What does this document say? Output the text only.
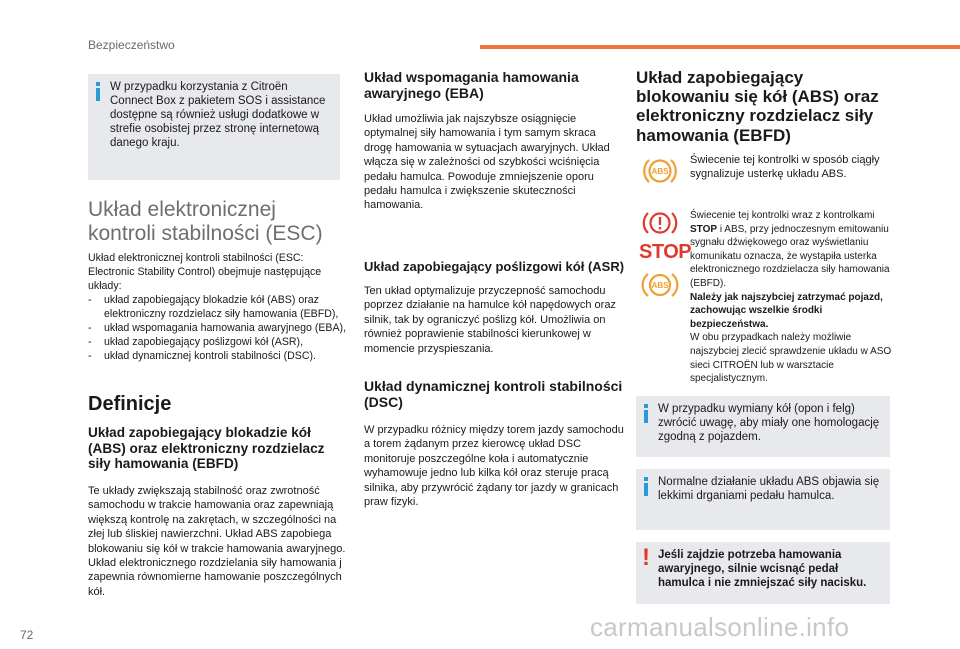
Bezpieczeństwo
W przypadku korzystania z Citroën Connect Box z pakietem SOS i assistance dostępne są również usługi dodatkowe w strefie osobistej przez stronę internetową danego kraju.
Układ elektronicznej
kontroli stabilności (ESC)
Układ elektronicznej kontroli stabilności (ESC: Electronic Stability Control) obejmuje następujące układy:
- układ zapobiegający blokadzie kół (ABS) oraz elektroniczny rozdzielacz siły hamowania (EBFD),
- układ wspomagania hamowania awaryjnego (EBA),
- układ zapobiegający poślizgowi kół (ASR),
- układ dynamicznej kontroli stabilności (DSC).
Definicje
Układ zapobiegający blokadzie kół (ABS) oraz elektroniczny rozdzielacz siły hamowania (EBFD)
Te układy zwiększają stabilność oraz zwrotność samochodu w trakcie hamowania oraz zapewniają większą kontrolę na zakrętach, w szczególności na złej lub śliskiej nawierzchni. Układ ABS zapobiega blokowaniu się kół w trakcie hamowania awaryjnego. Układ elektronicznego rozdzielania siły hamowania j zapewnia równomierne hamowanie poszczególnych kół.
Układ wspomagania hamowania awaryjnego (EBA)
Układ umożliwia jak najszybsze osiągnięcie optymalnej siły hamowania i tym samym skraca drogę hamowania w sytuacjach awaryjnych. Układ włącza się w zależności od szybkości wciśnięcia pedału hamulca. Powoduje zmniejszenie oporu pedału hamulca i zwiększenie skuteczności hamowania.
Układ zapobiegający poślizgowi kół (ASR)
Ten układ optymalizuje przyczepność samochodu poprzez działanie na hamulce kół napędowych oraz silnik, tak by ograniczyć poślizg kół. Umożliwia on również poprawienie stabilności kierunkowej w momencie przyspieszania.
Układ dynamicznej kontroli stabilności (DSC)
W przypadku różnicy między torem jazdy samochodu a torem żądanym przez kierowcę układ DSC monitoruje poszczególne koła i automatycznie wyhamowuje jedno lub kilka kół oraz steruje pracą silnika, aby przywrócić żądany tor jazdy w granicach praw fizyki.
Układ zapobiegający blokowaniu się kół (ABS) oraz elektroniczny rozdzielacz siły hamowania (EBFD)
ABS
Świecenie tej kontrolki w sposób ciągły sygnalizuje usterkę układu ABS.
STOP
ABS
Świecenie tej kontrolki wraz z kontrolkami STOP i ABS, przy jednoczesnym emitowaniu sygnału dźwiękowego oraz wyświetlaniu komunikatu oznacza, że wystąpiła usterka elektronicznego rozdzielacza siły hamowania (EBFD).
Należy jak najszybciej zatrzymać pojazd, zachowując wszelkie środki bezpieczeństwa.
W obu przypadkach należy możliwie najszybciej zlecić sprawdzenie układu w ASO sieci CITROËN lub w warsztacie specjalistycznym.
W przypadku wymiany kół (opon i felg) zwrócić uwagę, aby miały one homologację zgodną z pojazdem.
Normalne działanie układu ABS objawia się lekkimi drganiami pedału hamulca.
! Jeśli zajdzie potrzeba hamowania awaryjnego, silnie wcisnąć pedał hamulca i nie zmniejszać siły nacisku.
72	carmanualsonline.info
